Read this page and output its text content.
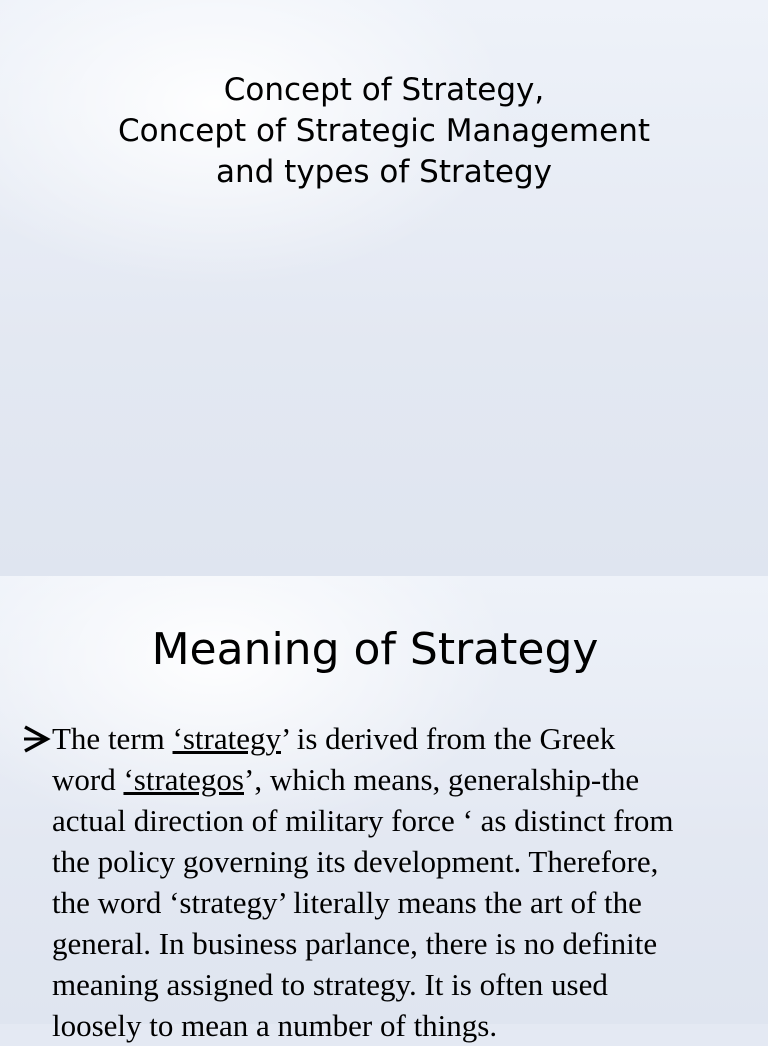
Concept of Strategy,
Concept of Strategic Management
and types of Strategy
Meaning of Strategy
The term ‘strategy’ is derived from the Greek
word ‘strategos’, which means, generalship-the
actual direction of military force ‘ as distinct from
the policy governing its development. Therefore,
the word ‘strategy’ literally means the art of the
general. In business parlance, there is no definite
meaning assigned to strategy. It is often used
loosely to mean a number of things.
